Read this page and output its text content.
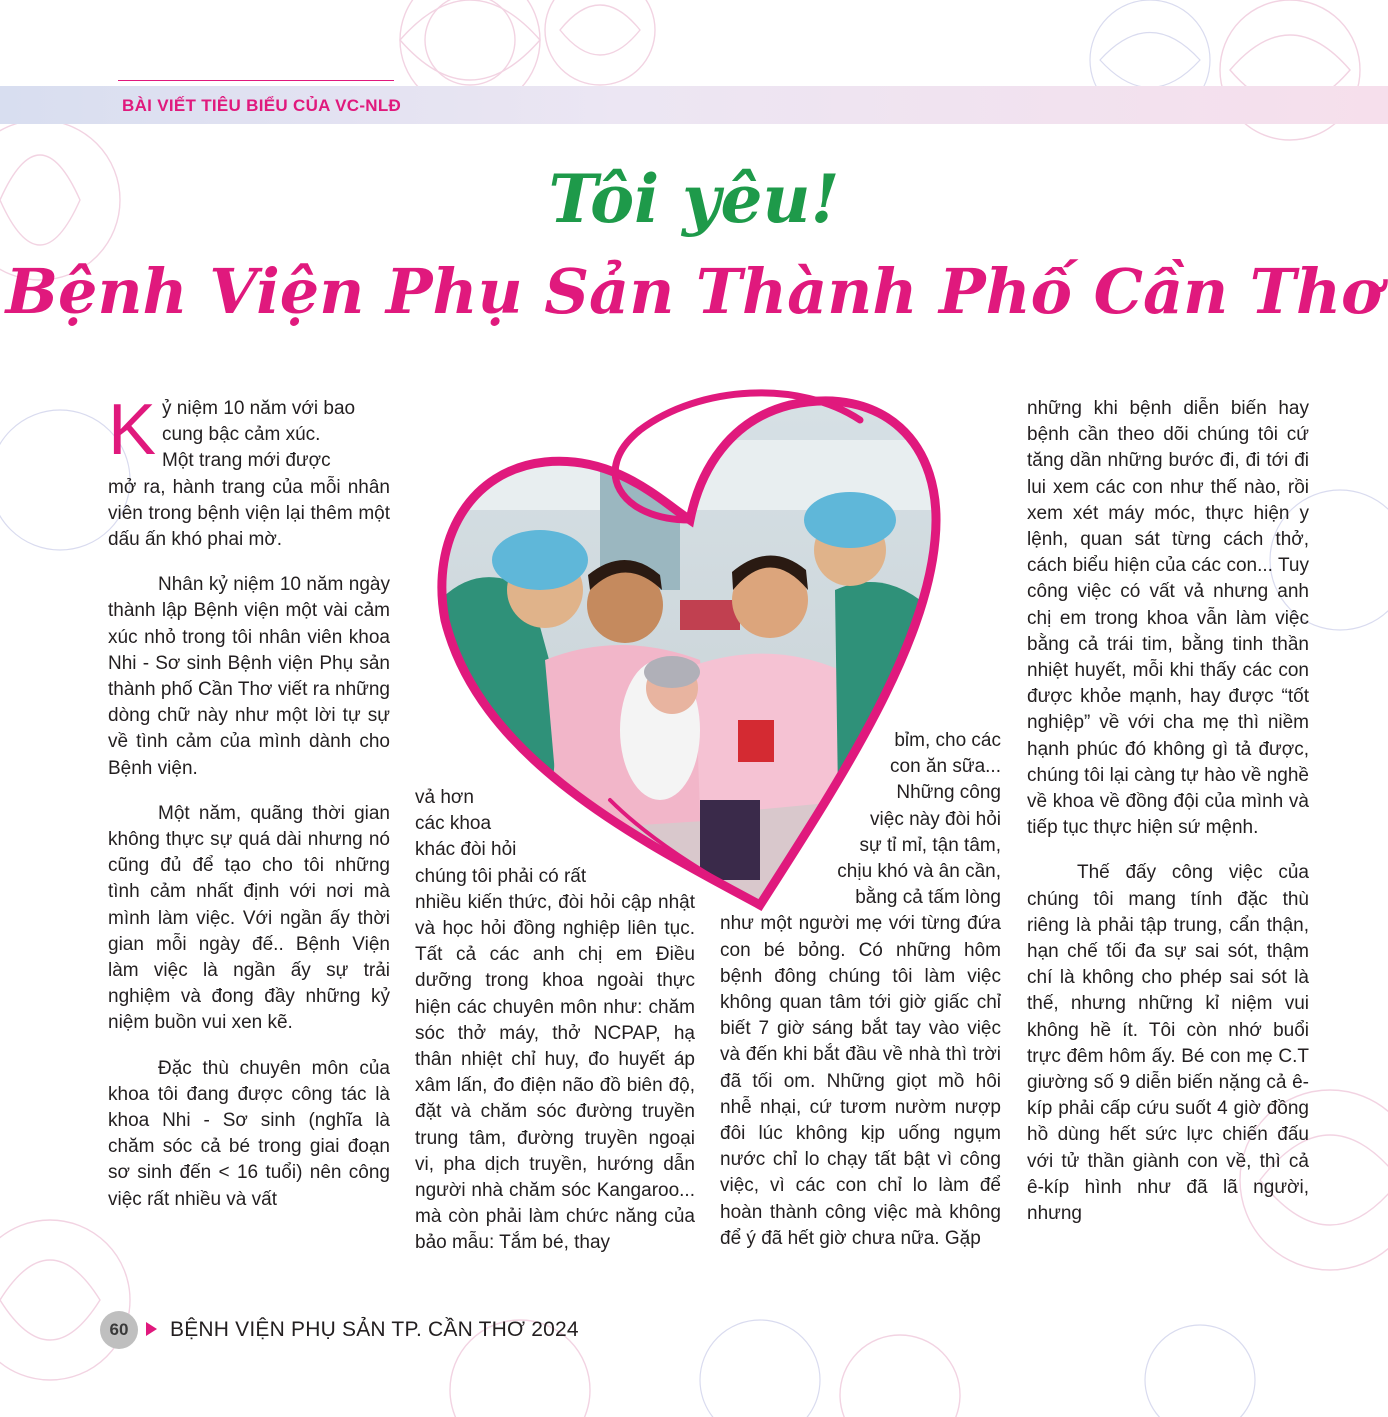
BÀI VIẾT TIÊU BIỂU CỦA VC-NLĐ
Tôi yêu!
Bệnh Viện Phụ Sản Thành Phố Cần Thơ

K ỷ niệm 10 năm với bao
cung bậc cảm xúc.
Một trang mới được
mở ra, hành trang của mỗi nhân viên trong bệnh viện lại thêm một dấu ấn khó phai mờ.

Nhân kỷ niệm 10 năm ngày thành lập Bệnh viện một vài cảm xúc nhỏ trong tôi nhân viên khoa Nhi - Sơ sinh Bệnh viện Phụ sản thành phố Cần Thơ viết ra những dòng chữ này như một lời tự sự về tình cảm của mình dành cho Bệnh viện.

Một năm, quãng thời gian không thực sự quá dài nhưng nó cũng đủ để tạo cho tôi những tình cảm nhất định với nơi mà mình làm việc. Với ngần ấy thời gian mỗi ngày đế.. Bệnh Viện làm việc là ngần ấy sự trải nghiệm và đong đầy những kỷ niệm buồn vui xen kẽ.

Đặc thù chuyên môn của khoa tôi đang được công tác là khoa Nhi - Sơ sinh (nghĩa là chăm sóc cả bé trong giai đoạn sơ sinh đến < 16 tuổi) nên công việc rất nhiều và vất

vả hơn
các khoa
khác đòi hỏi
chúng tôi phải có rất

nhiều kiến thức, đòi hỏi cập nhật và học hỏi đồng nghiệp liên tục. Tất cả các anh chị em Điều dưỡng trong khoa ngoài thực hiện các chuyên môn như: chăm sóc thở máy, thở NCPAP, hạ thân nhiệt chỉ huy, đo huyết áp xâm lấn, đo điện não đồ biên độ, đặt và chăm sóc đường truyền trung tâm, đường truyền ngoại vi, pha dịch truyền, hướng dẫn người nhà chăm sóc Kangaroo... mà còn phải làm chức năng của bảo mẫu: Tắm bé, thay

bỉm, cho các
con ăn sữa...
Những công
việc này đòi hỏi
sự tỉ mỉ, tận tâm,
chịu khó và ân cần,
bằng cả tấm lòng

như một người mẹ với từng đứa con bé bỏng. Có những hôm bệnh đông chúng tôi làm việc không quan tâm tới giờ giấc chỉ biết 7 giờ sáng bắt tay vào việc và đến khi bắt đầu về nhà thì trời đã tối om. Những giọt mồ hôi nhễ nhại, cứ tươm nườm nượp đôi lúc không kịp uống ngụm nước chỉ lo chạy tất bật vì công việc, vì các con chỉ lo làm để hoàn thành công việc mà không để ý đã hết giờ chưa nữa. Gặp

những khi bệnh diễn biến hay bệnh cần theo dõi chúng tôi cứ tăng dần những bước đi, đi tới đi lui xem các con như thế nào, rồi xem xét máy móc, thực hiện y lệnh, quan sát từng cách thở, cách biểu hiện của các con... Tuy công việc có vất vả nhưng anh chị em trong khoa vẫn làm việc bằng cả trái tim, bằng tinh thần nhiệt huyết, mỗi khi thấy các con được khỏe mạnh, hay được “tốt nghiệp” về với cha mẹ thì niềm hạnh phúc đó không gì tả được, chúng tôi lại càng tự hào về nghề về khoa về đồng đội của mình và tiếp tục thực hiện sứ mệnh.

Thế đấy công việc của chúng tôi mang tính đặc thù riêng là phải tập trung, cẩn thận, hạn chế tối đa sự sai sót, thậm chí là không cho phép sai sót là thế, nhưng những kỉ niệm vui không hề ít. Tôi còn nhớ buổi trực đêm hôm ấy. Bé con mẹ C.T giường số 9 diễn biến nặng cả ê-kíp phải cấp cứu suốt 4 giờ đồng hồ dùng hết sức lực chiến đấu với tử thần giành con về, thì cả ê-kíp hình như đã lã người, nhưng

60	BỆNH VIỆN PHỤ SẢN TP. CẦN THƠ 2024
